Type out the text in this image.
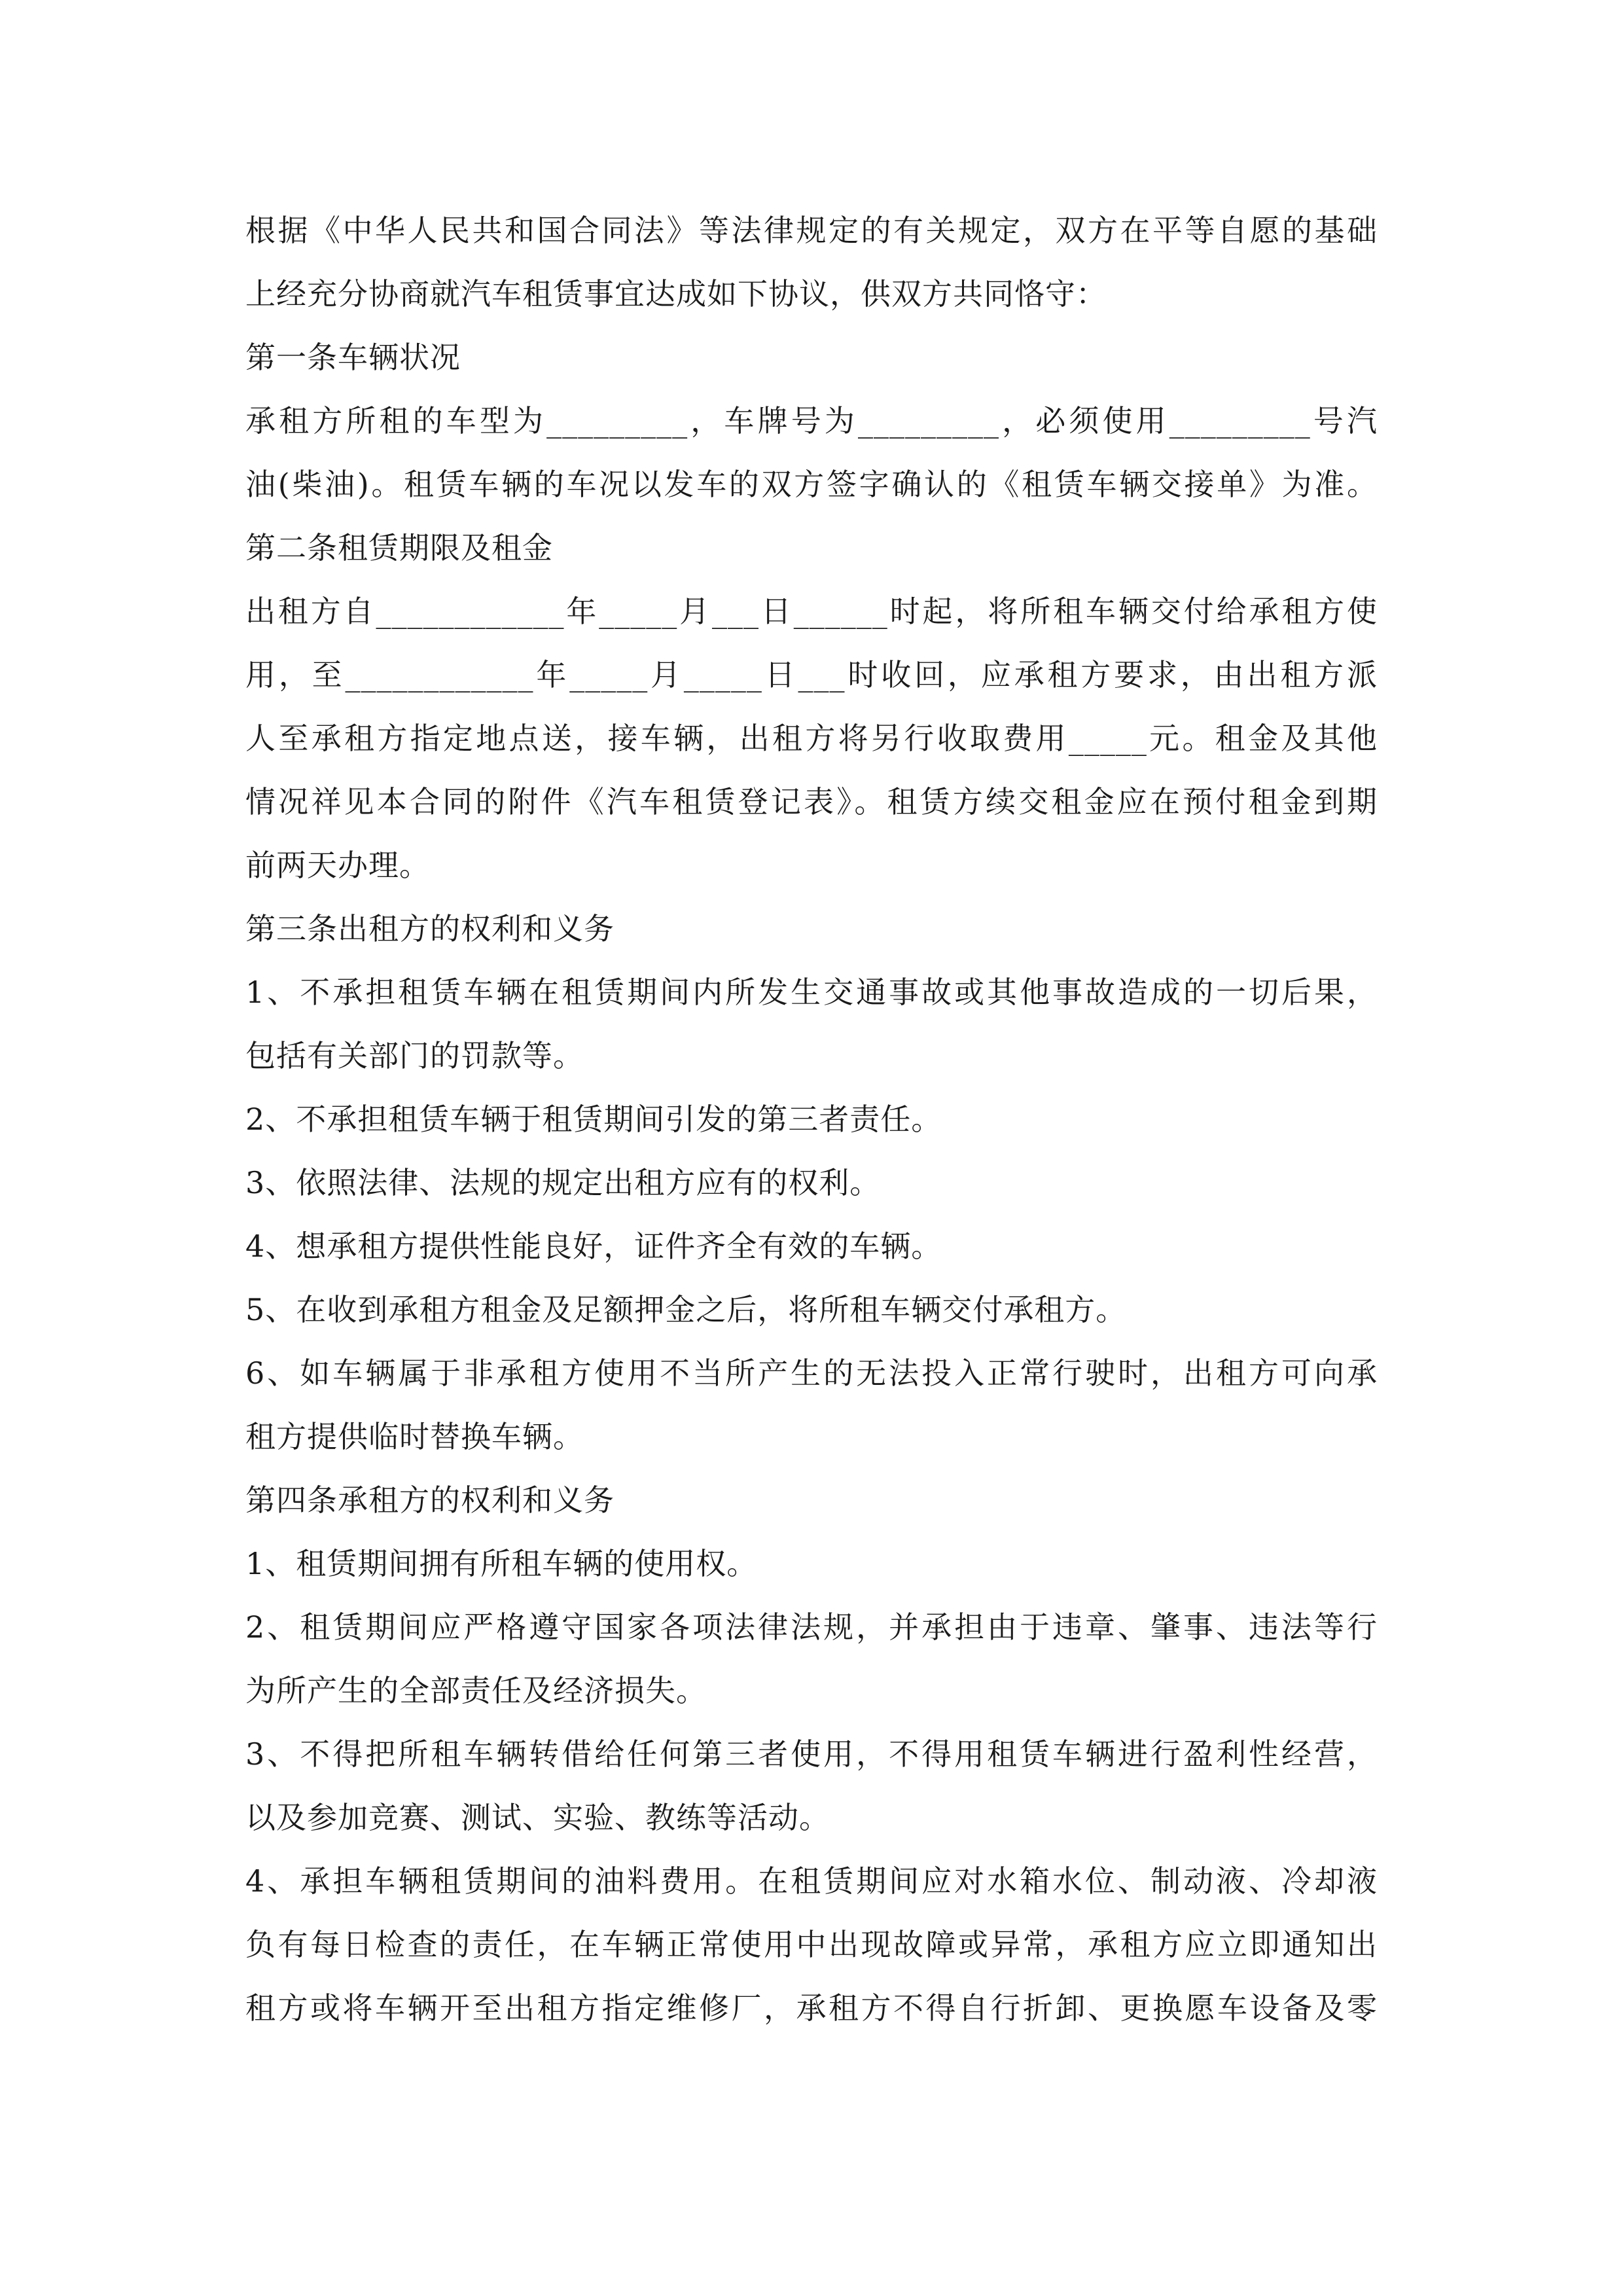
根据《中华人民共和国合同法》等法律规定的有关规定，双方在平等自愿的基础
上经充分协商就汽车租赁事宜达成如下协议，供双方共同恪守：
第一条车辆状况
承租方所租的车型为_________，车牌号为_________，必须使用_________号汽
油(柴油)。租赁车辆的车况以发车的双方签字确认的《租赁车辆交接单》为准。
第二条租赁期限及租金
出租方自____________年_____月___日______时起，将所租车辆交付给承租方使
用，至____________年_____月_____日___时收回，应承租方要求，由出租方派
人至承租方指定地点送，接车辆，出租方将另行收取费用_____元。租金及其他
情况祥见本合同的附件《汽车租赁登记表》。租赁方续交租金应在预付租金到期
前两天办理。
第三条出租方的权利和义务
1、不承担租赁车辆在租赁期间内所发生交通事故或其他事故造成的一切后果，
包括有关部门的罚款等。
2、不承担租赁车辆于租赁期间引发的第三者责任。
3、依照法律、法规的规定出租方应有的权利。
4、想承租方提供性能良好，证件齐全有效的车辆。
5、在收到承租方租金及足额押金之后，将所租车辆交付承租方。
6、如车辆属于非承租方使用不当所产生的无法投入正常行驶时，出租方可向承
租方提供临时替换车辆。
第四条承租方的权利和义务
1、租赁期间拥有所租车辆的使用权。
2、租赁期间应严格遵守国家各项法律法规，并承担由于违章、肇事、违法等行
为所产生的全部责任及经济损失。
3、不得把所租车辆转借给任何第三者使用，不得用租赁车辆进行盈利性经营，
以及参加竞赛、测试、实验、教练等活动。
4、承担车辆租赁期间的油料费用。在租赁期间应对水箱水位、制动液、冷却液
负有每日检查的责任，在车辆正常使用中出现故障或异常，承租方应立即通知出
租方或将车辆开至出租方指定维修厂，承租方不得自行折卸、更换愿车设备及零
